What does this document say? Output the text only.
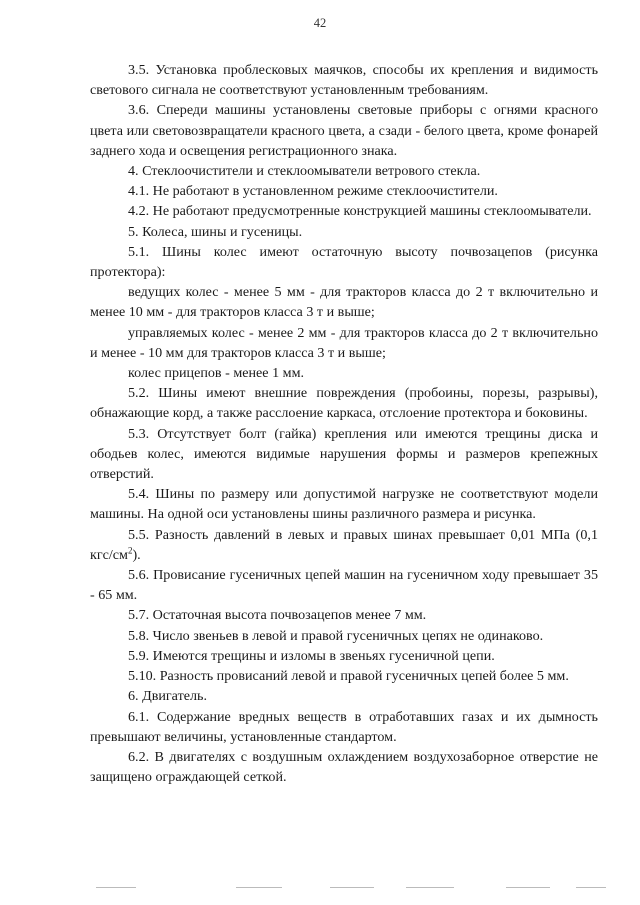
42

3.5. Установка проблесковых маячков, способы их крепления и видимость светового сигнала не соответствуют установленным требованиям.

3.6. Спереди машины установлены световые приборы с огнями красного цвета или световозвращатели красного цвета, а сзади - белого цвета, кроме фонарей заднего хода и освещения регистрационного знака.

4. Стеклоочистители и стеклоомыватели ветрового стекла.

4.1. Не работают в установленном режиме стеклоочистители.

4.2. Не работают предусмотренные конструкцией машины стеклоомыватели.

5. Колеса, шины и гусеницы.

5.1. Шины колес имеют остаточную высоту почвозацепов (рисунка протектора):

ведущих колес - менее 5 мм - для тракторов класса до 2 т включительно и менее 10 мм - для тракторов класса 3 т и выше;

управляемых колес - менее 2 мм - для тракторов класса до 2 т включительно и менее - 10 мм для тракторов класса 3 т и выше;

колес прицепов - менее 1 мм.

5.2. Шины имеют внешние повреждения (пробоины, порезы, разрывы), обнажающие корд, а также расслоение каркаса, отслоение протектора и боковины.

5.3. Отсутствует болт (гайка) крепления или имеются трещины диска и ободьев колес, имеются видимые нарушения формы и размеров крепежных отверстий.

5.4. Шины по размеру или допустимой нагрузке не соответствуют модели машины. На одной оси установлены шины различного размера и рисунка.

5.5. Разность давлений в левых и правых шинах превышает 0,01 МПа (0,1 кгс/$см^2$).

5.6. Провисание гусеничных цепей машин на гусеничном ходу превышает 35 - 65 мм.

5.7. Остаточная высота почвозацепов менее 7 мм.

5.8. Число звеньев в левой и правой гусеничных цепях не одинаково.

5.9. Имеются трещины и изломы в звеньях гусеничной цепи.

5.10. Разность провисаний левой и правой гусеничных цепей более 5 мм.

6. Двигатель.

6.1. Содержание вредных веществ в отработавших газах и их дымность превышают величины, установленные стандартом.

6.2. В двигателях с воздушным охлаждением воздухозаборное отверстие не защищено ограждающей сеткой.
